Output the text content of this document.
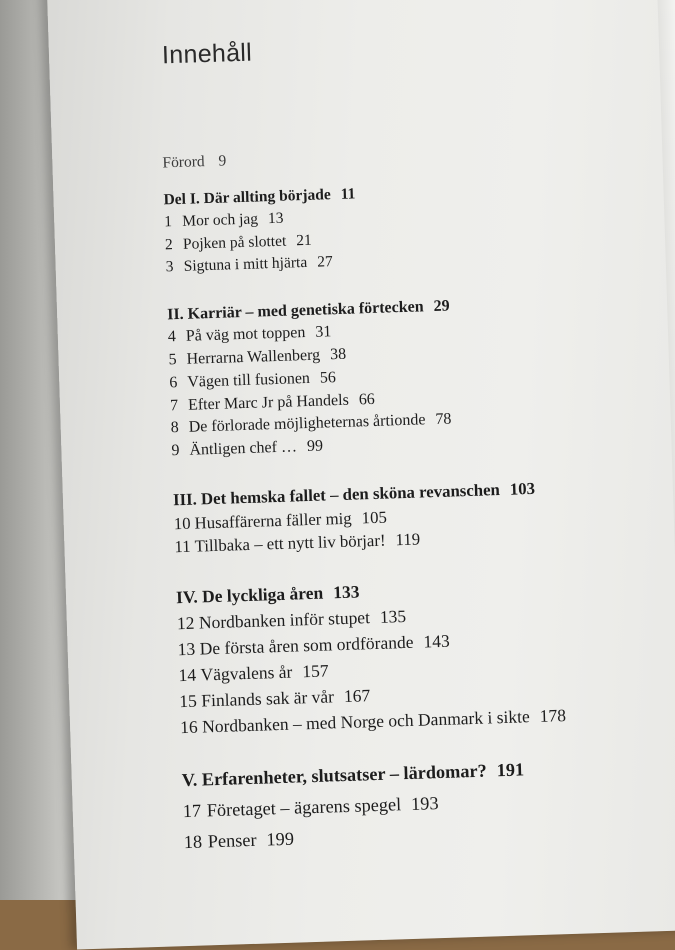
Innehåll
Förord 9
Del I. Där allting började 11
1 Mor och jag 13
2 Pojken på slottet 21
3 Sigtuna i mitt hjärta 27
II. Karriär – med genetiska förtecken 29
4 På väg mot toppen 31
5 Herrarna Wallenberg 38
6 Vägen till fusionen 56
7 Efter Marc Jr på Handels 66
8 De förlorade möjligheternas årtionde 78
9 Äntligen chef … 99
III. Det hemska fallet – den sköna revanschen 103
10 Husaffärerna fäller mig 105
11 Tillbaka – ett nytt liv börjar! 119
IV. De lyckliga åren 133
12 Nordbanken inför stupet 135
13 De första åren som ordförande 143
14 Vägvalens år 157
15 Finlands sak är vår 167
16 Nordbanken – med Norge och Danmark i sikte 178
V. Erfarenheter, slutsatser – lärdomar? 191
17 Företaget – ägarens spegel 193
18 Penser 199
